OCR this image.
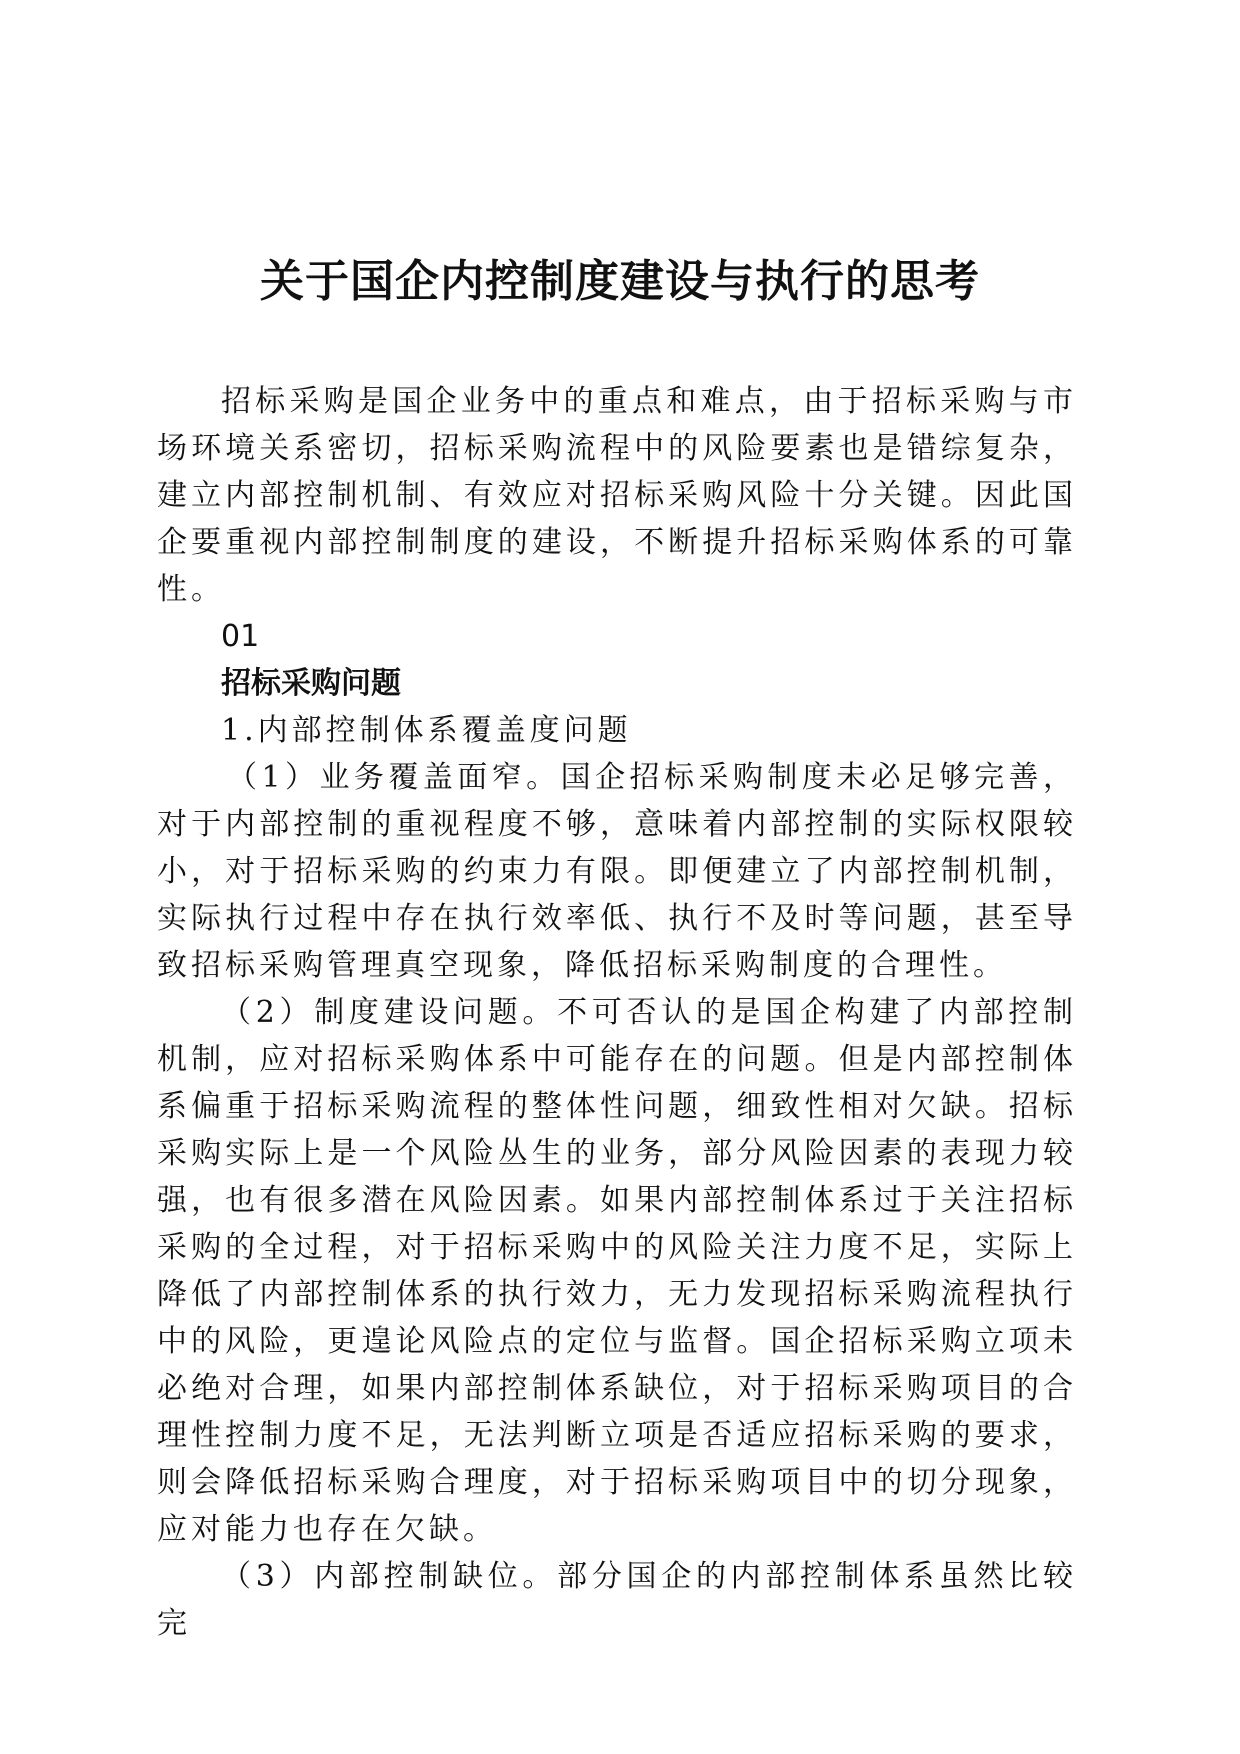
关于国企内控制度建设与执行的思考

招标采购是国企业务中的重点和难点，由于招标采购与市场环境关系密切，招标采购流程中的风险要素也是错综复杂，建立内部控制机制、有效应对招标采购风险十分关键。因此国企要重视内部控制制度的建设，不断提升招标采购体系的可靠性。

01

招标采购问题

1.内部控制体系覆盖度问题

（1）业务覆盖面窄。国企招标采购制度未必足够完善，对于内部控制的重视程度不够，意味着内部控制的实际权限较小，对于招标采购的约束力有限。即便建立了内部控制机制，实际执行过程中存在执行效率低、执行不及时等问题，甚至导致招标采购管理真空现象，降低招标采购制度的合理性。

（2）制度建设问题。不可否认的是国企构建了内部控制机制，应对招标采购体系中可能存在的问题。但是内部控制体系偏重于招标采购流程的整体性问题，细致性相对欠缺。招标采购实际上是一个风险丛生的业务，部分风险因素的表现力较强，也有很多潜在风险因素。如果内部控制体系过于关注招标采购的全过程，对于招标采购中的风险关注力度不足，实际上降低了内部控制体系的执行效力，无力发现招标采购流程执行中的风险，更遑论风险点的定位与监督。国企招标采购立项未必绝对合理，如果内部控制体系缺位，对于招标采购项目的合理性控制力度不足，无法判断立项是否适应招标采购的要求，则会降低招标采购合理度，对于招标采购项目中的切分现象，应对能力也存在欠缺。

（3）内部控制缺位。部分国企的内部控制体系虽然比较完
